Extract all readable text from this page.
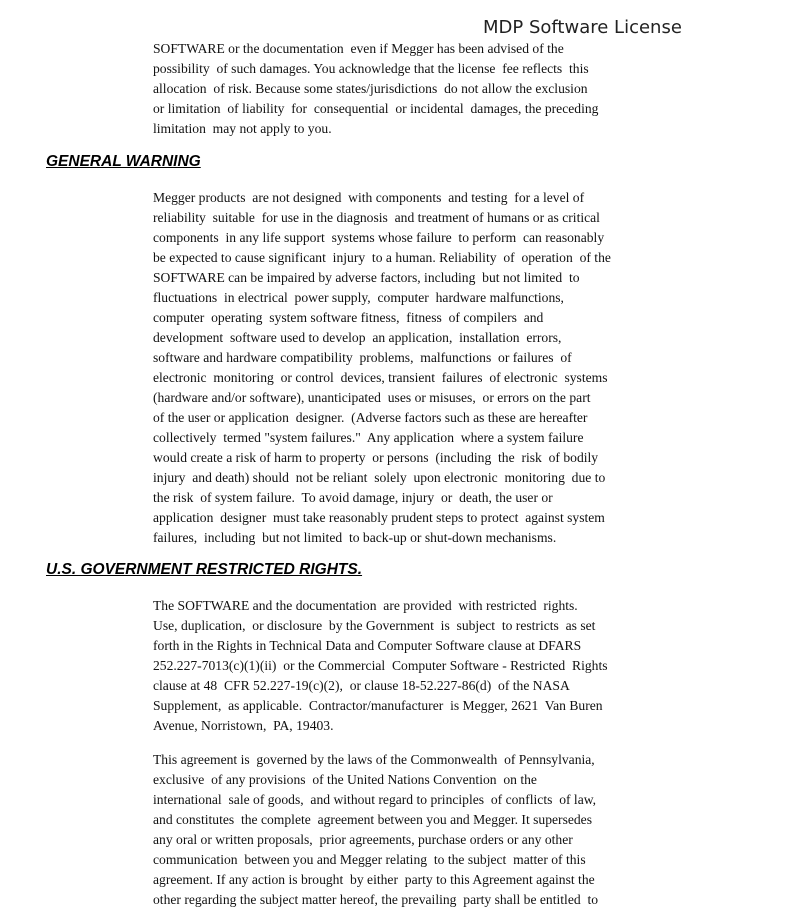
MDP Software License
SOFTWARE or the documentation  even if Megger has been advised of the
possibility  of such damages. You acknowledge that the license  fee reflects  this
allocation  of risk. Because some states/jurisdictions  do not allow the exclusion
or limitation  of liability  for  consequential  or incidental  damages, the preceding
limitation  may not apply to you.
GENERAL WARNING
Megger products  are not designed  with components  and testing  for a level of
reliability  suitable  for use in the diagnosis  and treatment of humans or as critical
components  in any life support  systems whose failure  to perform  can reasonably
be expected to cause significant  injury  to a human. Reliability  of  operation  of the
SOFTWARE can be impaired by adverse factors, including  but not limited  to
fluctuations  in electrical  power supply,  computer  hardware malfunctions,
computer  operating  system software fitness,  fitness  of compilers  and
development  software used to develop  an application,  installation  errors,
software and hardware compatibility  problems,  malfunctions  or failures  of
electronic  monitoring  or control  devices, transient  failures  of electronic  systems
(hardware and/or software), unanticipated  uses or misuses,  or errors on the part
of the user or application  designer.  (Adverse factors such as these are hereafter
collectively  termed "system failures."  Any application  where a system failure
would create a risk of harm to property  or persons  (including  the  risk  of bodily
injury  and death) should  not be reliant  solely  upon electronic  monitoring  due to
the risk  of system failure.  To avoid damage, injury  or  death, the user or
application  designer  must take reasonably prudent steps to protect  against system
failures,  including  but not limited  to back-up or shut-down mechanisms.
U.S. GOVERNMENT RESTRICTED RIGHTS.
The SOFTWARE and the documentation  are provided  with restricted  rights.
Use, duplication,  or disclosure  by the Government  is  subject  to restricts  as set
forth in the Rights in Technical Data and Computer Software clause at DFARS
252.227-7013(c)(1)(ii)  or the Commercial  Computer Software - Restricted  Rights
clause at 48  CFR 52.227-19(c)(2),  or clause 18-52.227-86(d)  of the NASA
Supplement,  as applicable.  Contractor/manufacturer  is Megger, 2621  Van Buren
Avenue, Norristown,  PA, 19403.
This agreement is  governed by the laws of the Commonwealth  of Pennsylvania,
exclusive  of any provisions  of the United Nations Convention  on the
international  sale of goods,  and without regard to principles  of conflicts  of law,
and constitutes  the complete  agreement between you and Megger. It supersedes
any oral or written proposals,  prior agreements, purchase orders or any other
communication  between you and Megger relating  to the subject  matter of this
agreement. If any action is brought  by either  party to this Agreement against the
other regarding the subject matter hereof, the prevailing  party shall be entitled  to
